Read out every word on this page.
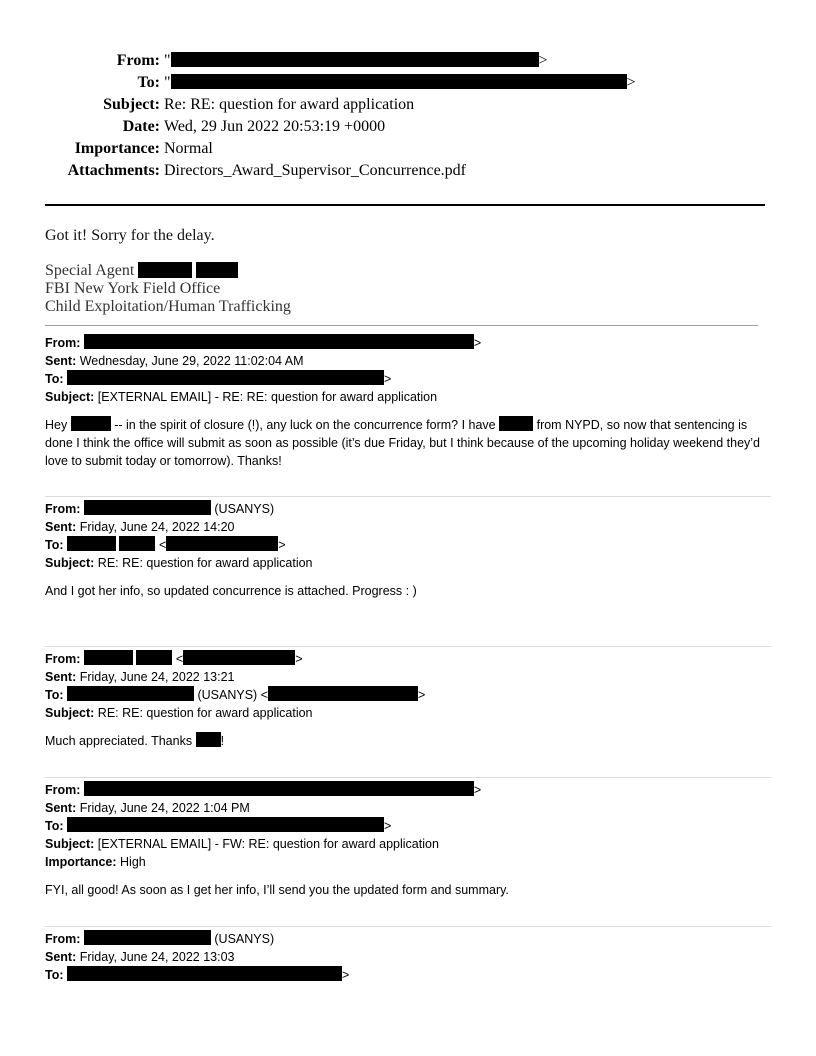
From: "	>
To: "	>
Subject: Re: RE: question for award application
Date: Wed, 29 Jun 2022 20:53:19 +0000
Importance: Normal
Attachments: Directors_Award_Supervisor_Concurrence.pdf
Got it! Sorry for the delay.
Special Agent
FBI New York Field Office
Child Exploitation/Human Trafficking
From:	>
Sent: Wednesday, June 29, 2022 11:02:04 AM
To:	>
Subject: [EXTERNAL EMAIL] - RE: RE: question for award application
Hey	-- in the spirit of closure (!), any luck on the concurrence form? I have	from NYPD, so now that sentencing is done I think the office will submit as soon as possible (it’s due Friday, but I think because of the upcoming holiday weekend they’d love to submit today or tomorrow). Thanks!
From:	(USANYS)
Sent: Friday, June 24, 2022 14:20
To:	<	>
Subject: RE: RE: question for award application
And I got her info, so updated concurrence is attached. Progress : )
From:	<	>
Sent: Friday, June 24, 2022 13:21
To:	(USANYS) <	>
Subject: RE: RE: question for award application
Much appreciated. Thanks !
From:	>
Sent: Friday, June 24, 2022 1:04 PM
To:	>
Subject: [EXTERNAL EMAIL] - FW: RE: question for award application
Importance: High
FYI, all good! As soon as I get her info, I’ll send you the updated form and summary.
From:	(USANYS)
Sent: Friday, June 24, 2022 13:03
To:	>
